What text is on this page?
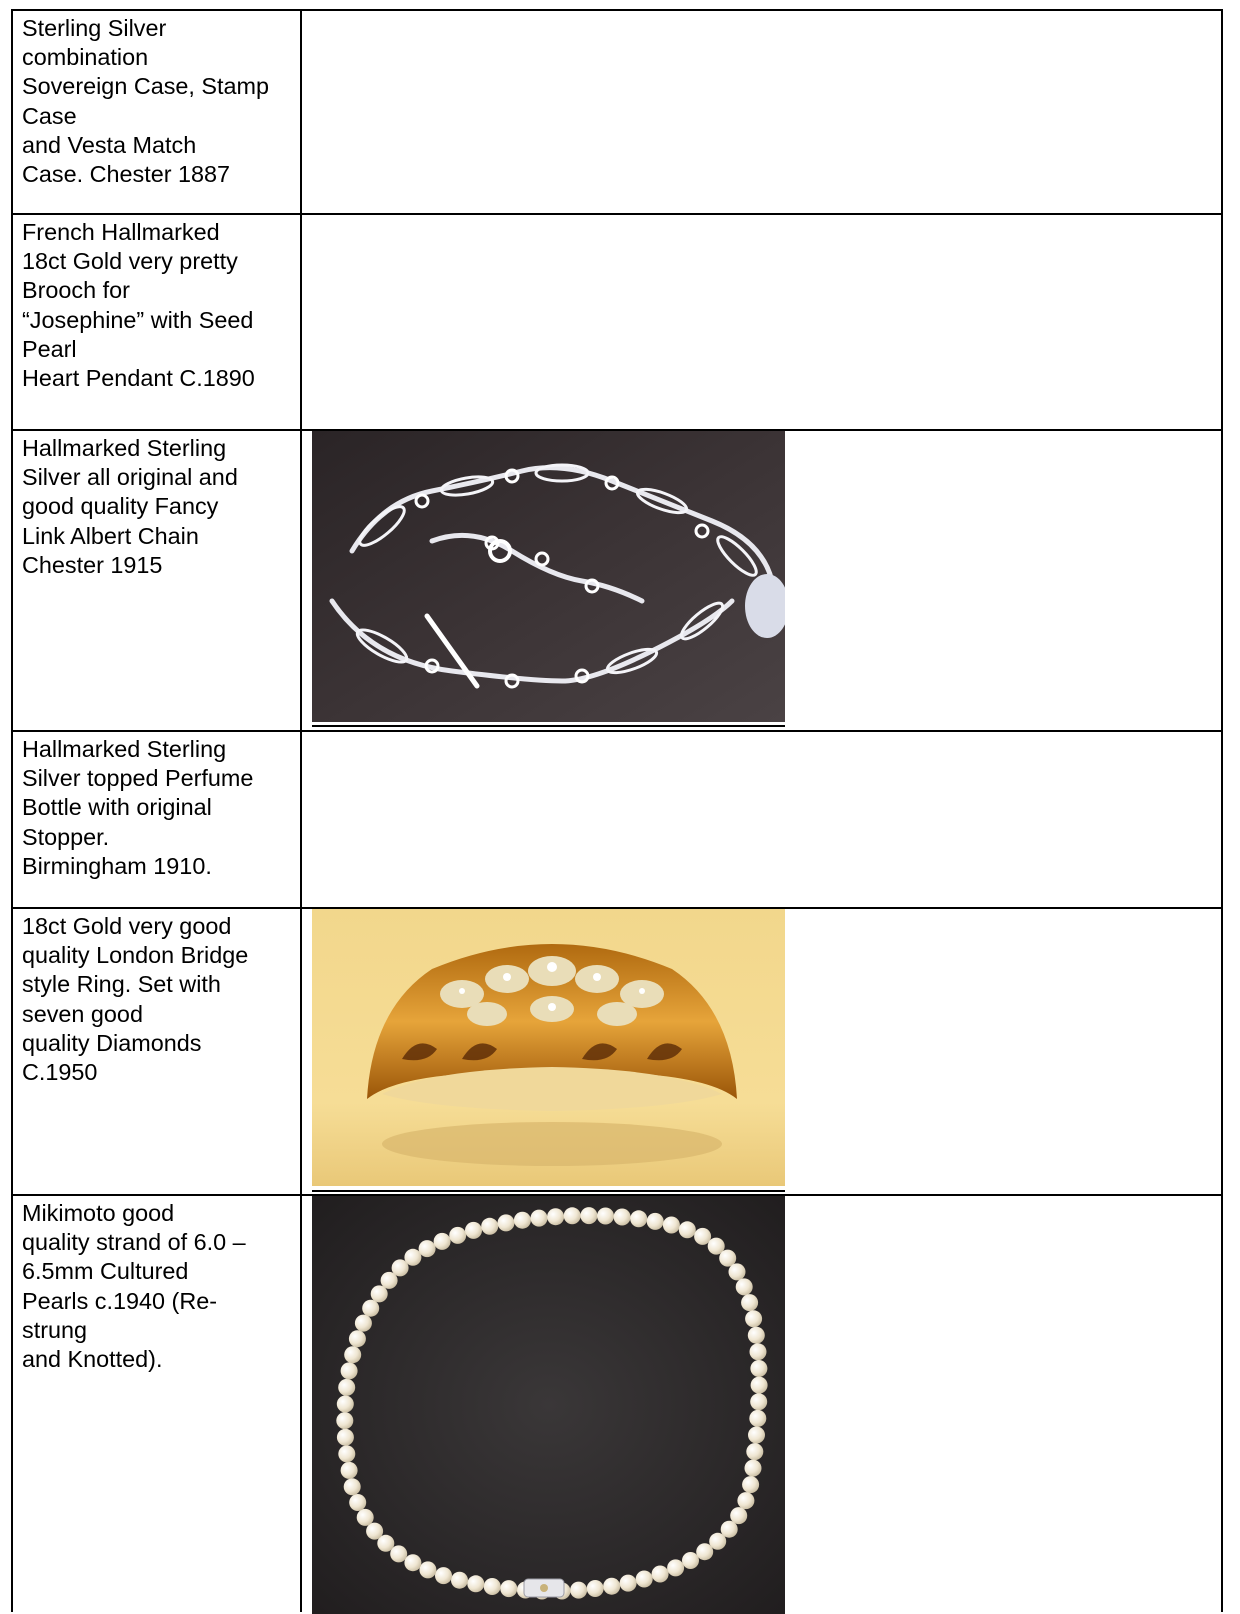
Sterling Silver
combination
Sovereign Case, Stamp
Case
and Vesta Match
Case. Chester 1887
French Hallmarked
18ct Gold very pretty
Brooch for
“Josephine” with Seed
Pearl
Heart Pendant C.1890
Hallmarked Sterling
Silver all original and
good quality Fancy
Link Albert Chain
Chester 1915
Hallmarked Sterling
Silver topped Perfume
Bottle with original
Stopper.
Birmingham 1910.
18ct Gold very good
quality London Bridge
style Ring. Set with
seven good
quality Diamonds
C.1950
Mikimoto good
quality strand of 6.0 –
6.5mm Cultured
Pearls c.1940 (Re-
strung
and Knotted).
